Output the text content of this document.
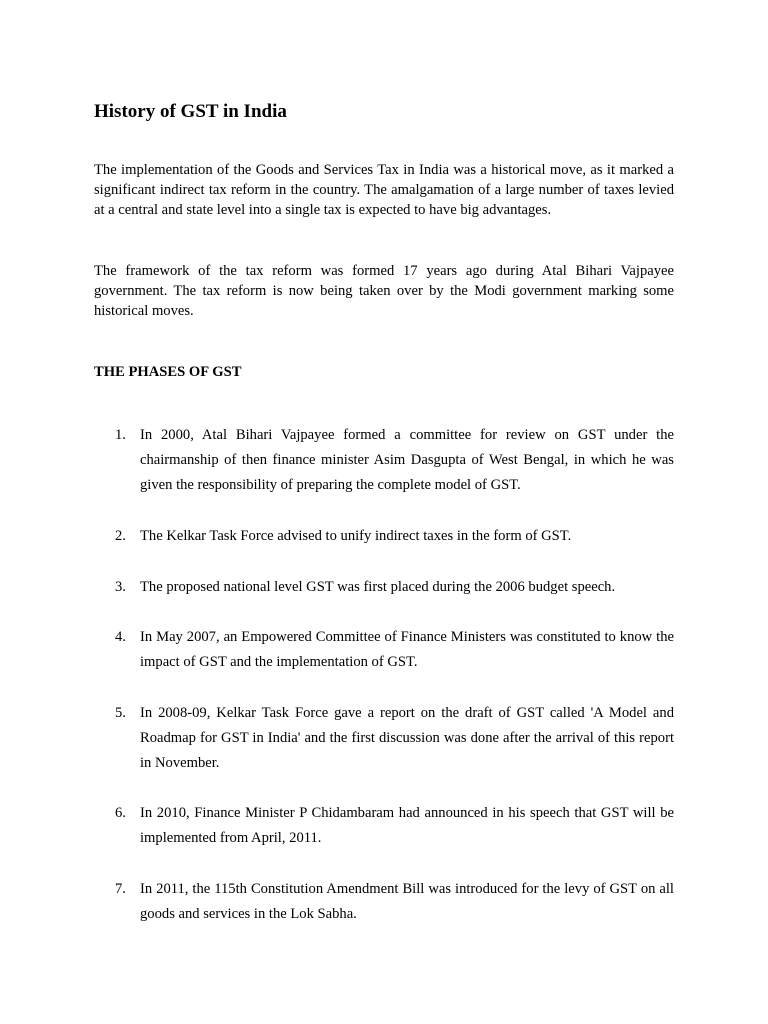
History of GST in India

The implementation of the Goods and Services Tax in India was a historical move, as it marked a significant indirect tax reform in the country. The amalgamation of a large number of taxes levied at a central and state level into a single tax is expected to have big advantages.

The framework of the tax reform was formed 17 years ago during Atal Bihari Vajpayee government. The tax reform is now being taken over by the Modi government marking some historical moves.

THE PHASES OF GST
1. In 2000, Atal Bihari Vajpayee formed a committee for review on GST under the chairmanship of then finance minister Asim Dasgupta of West Bengal, in which he was given the responsibility of preparing the complete model of GST.
2. The Kelkar Task Force advised to unify indirect taxes in the form of GST.
3. The proposed national level GST was first placed during the 2006 budget speech.
4. In May 2007, an Empowered Committee of Finance Ministers was constituted to know the impact of GST and the implementation of GST.
5. In 2008-09, Kelkar Task Force gave a report on the draft of GST called 'A Model and Roadmap for GST in India' and the first discussion was done after the arrival of this report in November.
6. In 2010, Finance Minister P Chidambaram had announced in his speech that GST will be implemented from April, 2011.
7. In 2011, the 115th Constitution Amendment Bill was introduced for the levy of GST on all goods and services in the Lok Sabha.
